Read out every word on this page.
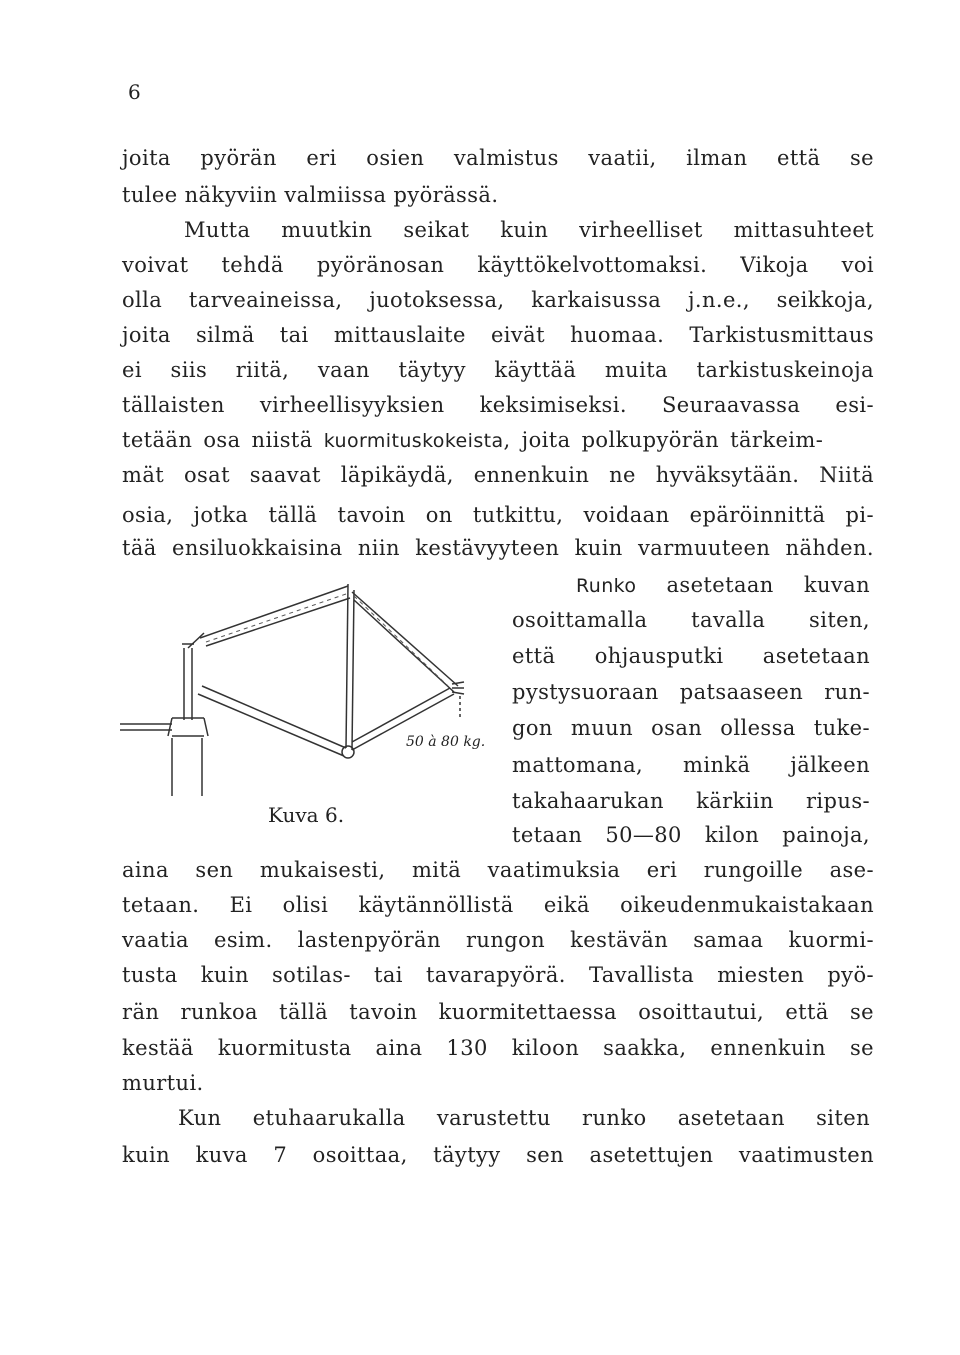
6
joita pyörän eri osien valmistus vaatii, ilman että se
tulee näkyviin valmiissa pyörässä.
Mutta muutkin seikat kuin virheelliset mittasuhteet
voivat tehdä pyöränosan käyttökelvottomaksi. Vikoja voi
olla tarveaineissa, juotoksessa, karkaisussa j.n.e., seikkoja,
joita silmä tai mittauslaite eivät huomaa. Tarkistusmittaus
ei siis riitä, vaan täytyy käyttää muita tarkistuskeinoja
tällaisten virheellisyyksien keksimiseksi. Seuraavassa esi-
tetään osa niistä kuormituskokeista, joita polkupyörän tärkeim-
mät osat saavat läpikäydä, ennenkuin ne hyväksytään. Niitä
osia, jotka tällä tavoin on tutkittu, voidaan epäröinnittä pi-
tää ensiluokkaisina niin kestävyyteen kuin varmuuteen nähden.
Runko asetetaan kuvan
osoittamalla tavalla siten,
että ohjausputki asetetaan
pystysuoraan patsaaseen run-
gon muun osan ollessa tuke-
mattomana, minkä jälkeen
takahaarukan kärkiin ripus-
tetaan 50—80 kilon painoja,
50 à 80 kg.
Kuva 6.
aina sen mukaisesti, mitä vaatimuksia eri rungoille ase-
tetaan. Ei olisi käytännöllistä eikä oikeudenmukaistakaan
vaatia esim. lastenpyörän rungon kestävän samaa kuormi-
tusta kuin sotilas- tai tavarapyörä. Tavallista miesten pyö-
rän runkoa tällä tavoin kuormitettaessa osoittautui, että se
kestää kuormitusta aina 130 kiloon saakka, ennenkuin se
murtui.
Kun etuhaarukalla varustettu runko asetetaan siten
kuin kuva 7 osoittaa, täytyy sen asetettujen vaatimusten
